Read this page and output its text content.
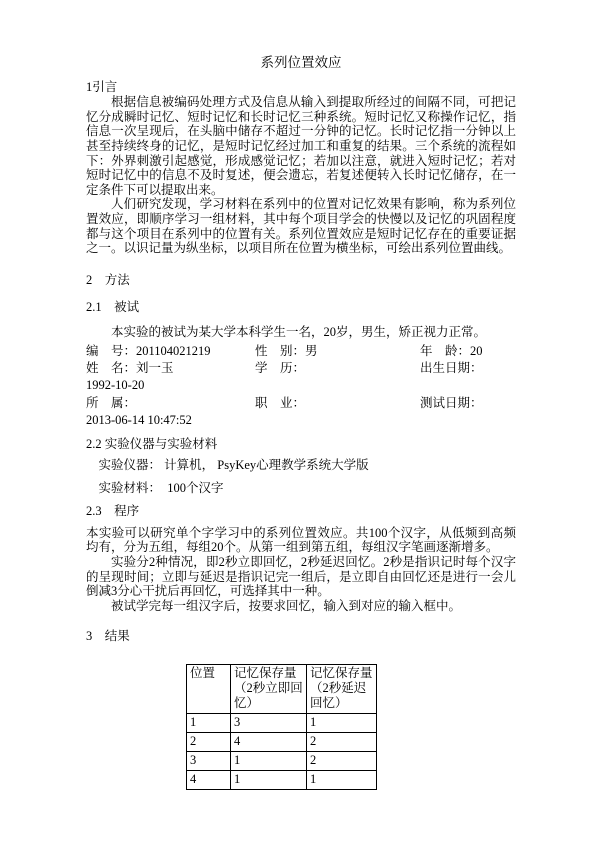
系列位置效应
1引言

根据信息被编码处理方式及信息从输入到提取所经过的间隔不同，可把记忆分成瞬时记忆、短时记忆和长时记忆三种系统。短时记忆又称操作记忆，指信息一次呈现后，在头脑中储存不超过一分钟的记忆。长时记忆指一分钟以上甚至持续终身的记忆，是短时记忆经过加工和重复的结果。三个系统的流程如下：外界刺激引起感觉，形成感觉记忆；若加以注意，就进入短时记忆；若对短时记忆中的信息不及时复述，便会遗忘，若复述便转入长时记忆储存，在一定条件下可以提取出来。

人们研究发现，学习材料在系列中的位置对记忆效果有影响，称为系列位置效应，即顺序学习一组材料，其中每个项目学会的快慢以及记忆的巩固程度都与这个项目在系列中的位置有关。系列位置效应是短时记忆存在的重要证据之一。以识记量为纵坐标，以项目所在位置为横坐标，可绘出系列位置曲线。

2　方法
2.1　被试

本实验的被试为某大学本科学生一名，20岁，男生，矫正视力正常。

编    号：201104021219	性    别：男	年    龄：20
姓    名：刘一玉	学    历：	出生日期：
1992-10-20
所    属：	职    业：	测试日期：
2013-06-14 10:47:52
2.2 实验仪器与实验材料
实验仪器： 计算机， PsyKey心理教学系统大学版
实验材料：  100个汉字
2.3　程序

本实验可以研究单个字学习中的系列位置效应。共100个汉字，从低频到高频均有，分为五组，每组20个。从第一组到第五组，每组汉字笔画逐渐增多。

实验分2种情况，即2秒立即回忆，2秒延迟回忆。2秒是指识记时每个汉字的呈现时间；立即与延迟是指识记完一组后，是立即自由回忆还是进行一会儿倒减3分心干扰后再回忆，可选择其中一种。

被试学完每一组汉字后，按要求回忆，输入到对应的输入框中。

3　结果
位置	记忆保存量（2秒立即回忆）	记忆保存量（2秒延迟回忆）
1	3	1
2	4	2
3	1	2
4	1	1
